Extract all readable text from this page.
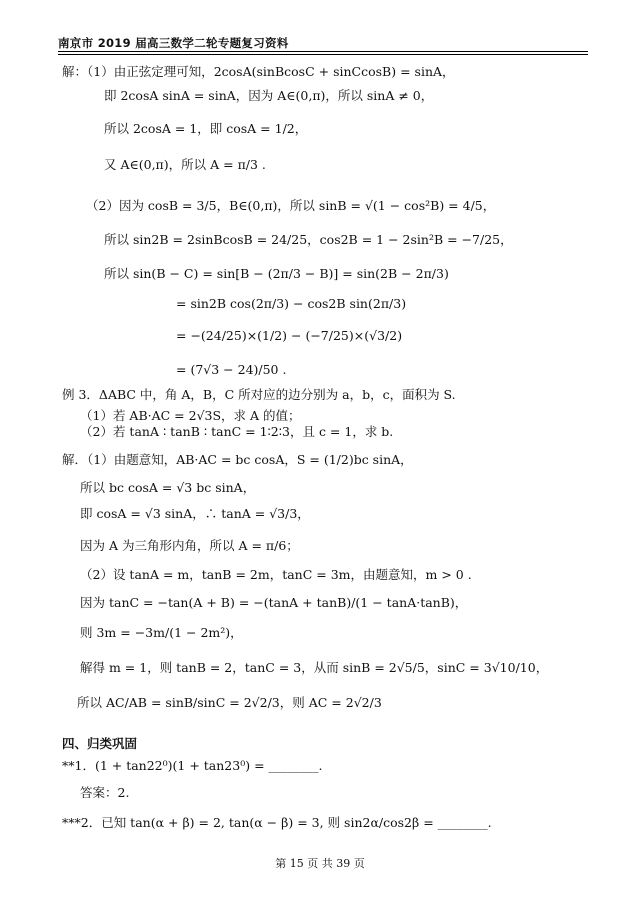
南京市 2019 届高三数学二轮专题复习资料
解：（1）由正弦定理可知，2cosA(sinBcosC + sinCcosB) = sinA，
即 2cosA sinA = sinA，因为 A∈(0,π)，所以 sinA ≠ 0，
所以 2cosA = 1，即 cosA = 1/2，
又 A∈(0,π)，所以 A = π/3 .
（2）因为 cosB = 3/5，B∈(0,π)，所以 sinB = √(1 − cos²B) = 4/5，
所以 sin2B = 2sinBcosB = 24/25，cos2B = 1 − 2sin²B = −7/25，
所以 sin(B − C) = sin[B − (2π/3 − B)] = sin(2B − 2π/3)
= sin2B cos(2π/3) − cos2B sin(2π/3)
= −(24/25)×(1/2) − (−7/25)×(√3/2)
= (7√3 − 24)/50 .
例 3．ΔABC 中，角 A，B，C 所对应的边分别为 a，b，c，面积为 S.
（1）若 AB·AC = 2√3S，求 A 的值；
（2）若 tanA ∶ tanB ∶ tanC = 1∶2∶3，且 c = 1，求 b.
解．（1）由题意知，AB·AC = bc cosA，S = (1/2)bc sinA，
所以 bc cosA = √3 bc sinA，
即 cosA = √3 sinA，∴ tanA = √3/3，
因为 A 为三角形内角，所以 A = π/6；
（2）设 tanA = m，tanB = 2m，tanC = 3m，由题意知，m > 0 .
因为 tanC = −tan(A + B) = −(tanA + tanB)/(1 − tanA·tanB)，
则 3m = −3m/(1 − 2m²)，
解得 m = 1，则 tanB = 2，tanC = 3，从而 sinB = 2√5/5，sinC = 3√10/10，
所以 AC/AB = sinB/sinC = 2√2/3，则 AC = 2√2/3
**1．(1 + tan22⁰)(1 + tan23⁰) = ________.
答案：2.
***2．已知 tan(α + β) = 2, tan(α − β) = 3, 则 sin2α/cos2β = ________.
四、归类巩固
第 15 页 共 39 页
